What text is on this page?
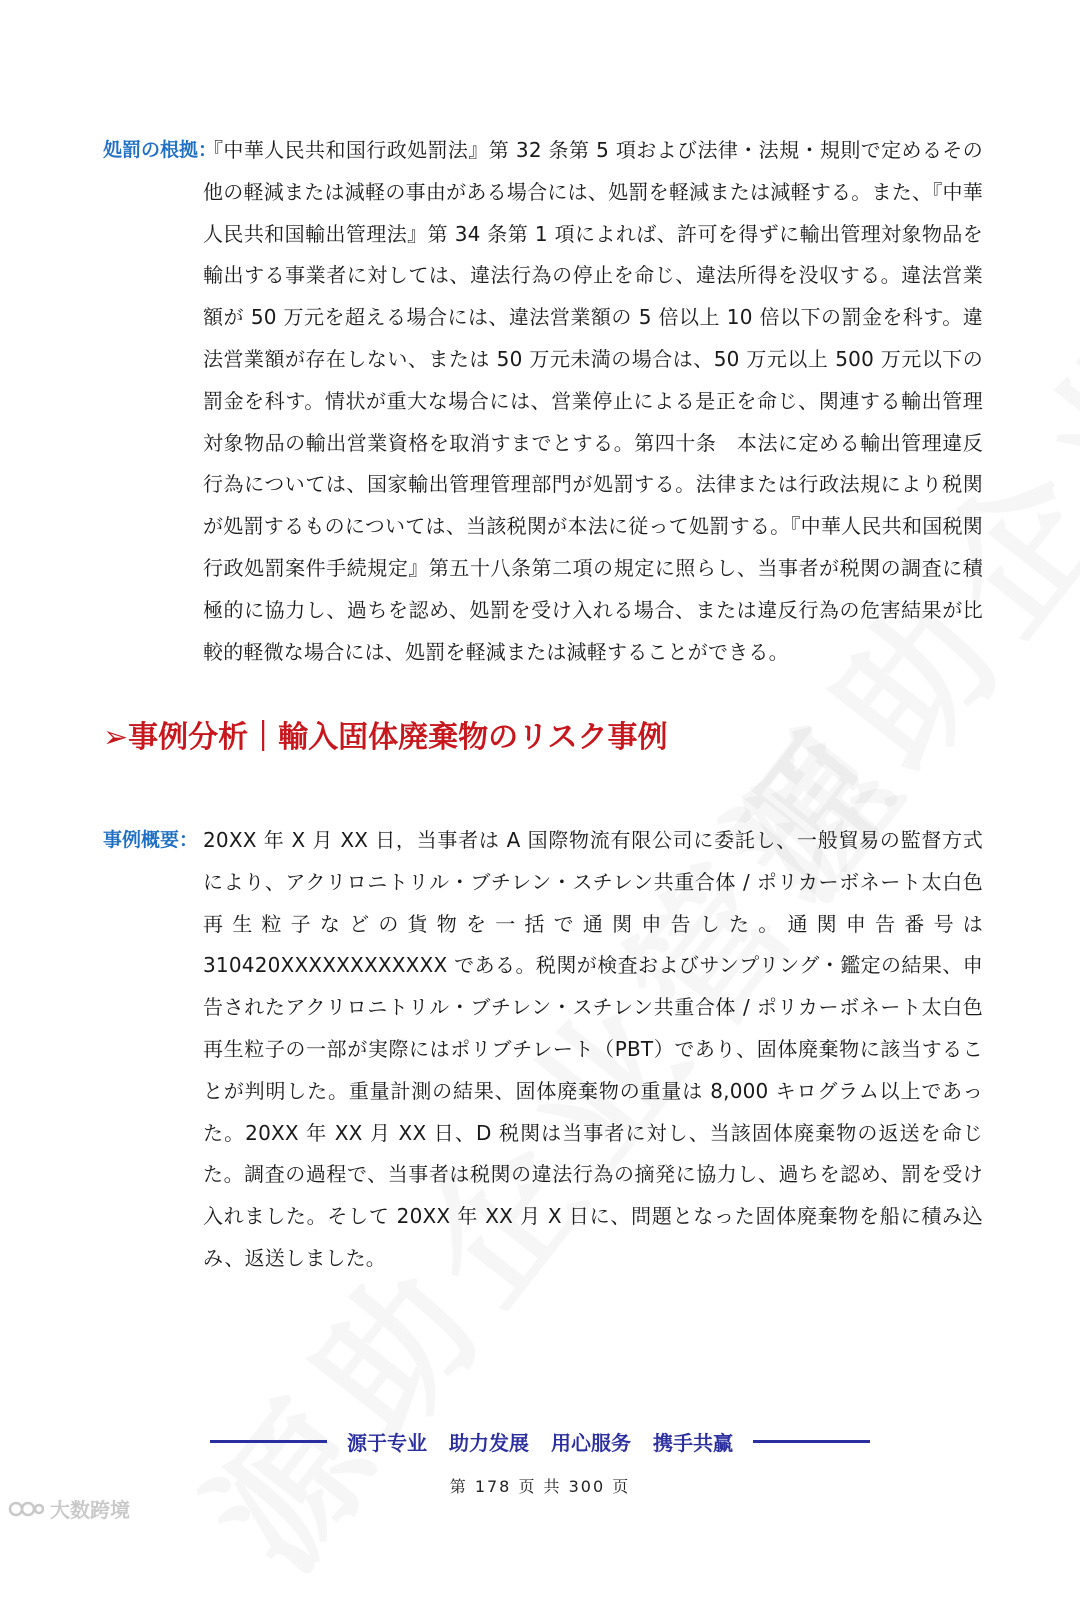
処罰の根拠：
『中華人民共和国行政処罰法』第 32 条第 5 項および法律・法規・規則で定めるその他の軽減または減軽の事由がある場合には、処罰を軽減または減軽する。また、『中華人民共和国輸出管理法』第 34 条第 1 項によれば、許可を得ずに輸出管理対象物品を輸出する事業者に対しては、違法行為の停止を命じ、違法所得を没収する。違法営業額が 50 万元を超える場合には、違法営業額の 5 倍以上 10 倍以下の罰金を科す。違法営業額が存在しない、または 50 万元未満の場合は、50 万元以上 500 万元以下の罰金を科す。情状が重大な場合には、営業停止による是正を命じ、関連する輸出管理対象物品の輸出営業資格を取消すまでとする。第四十条　本法に定める輸出管理違反行為については、国家輸出管理管理部門が処罰する。法律または行政法規により税関が処罰するものについては、当該税関が本法に従って処罰する。『中華人民共和国税関行政処罰案件手続規定』第五十八条第二項の規定に照らし、当事者が税関の調査に積極的に協力し、過ちを認め、処罰を受け入れる場合、または違反行為の危害結果が比較的軽微な場合には、処罰を軽減または減軽することができる。
➢事例分析｜輸入固体廃棄物のリスク事例
事例概要： 20XX 年 X 月 XX 日，当事者は A 国際物流有限公司に委託し、一般貿易の監督方式により、アクリロニトリル・ブチレン・スチレン共重合体 / ポリカーボネート太白色再生粒子などの貨物を一括で通関申告した。通関申告番号は 310420XXXXXXXXXXXX である。税関が検査およびサンプリング・鑑定の結果、申告されたアクリロニトリル・ブチレン・スチレン共重合体 / ポリカーボネート太白色再生粒子の一部が実際にはポリブチレート（PBT）であり、固体廃棄物に該当することが判明した。重量計測の結果、固体廃棄物の重量は 8,000 キログラム以上であった。20XX 年 XX 月 XX 日、D 税関は当事者に対し、当該固体廃棄物の返送を命じた。調査の過程で、当事者は税関の違法行為の摘発に協力し、過ちを認め、罰を受け入れました。そして 20XX 年 XX 月 X 日に、問題となった固体廃棄物を船に積み込み、返送しました。
源于专业 助力发展 用心服务 携手共赢
第 178 页 共 300 页
大数跨境
